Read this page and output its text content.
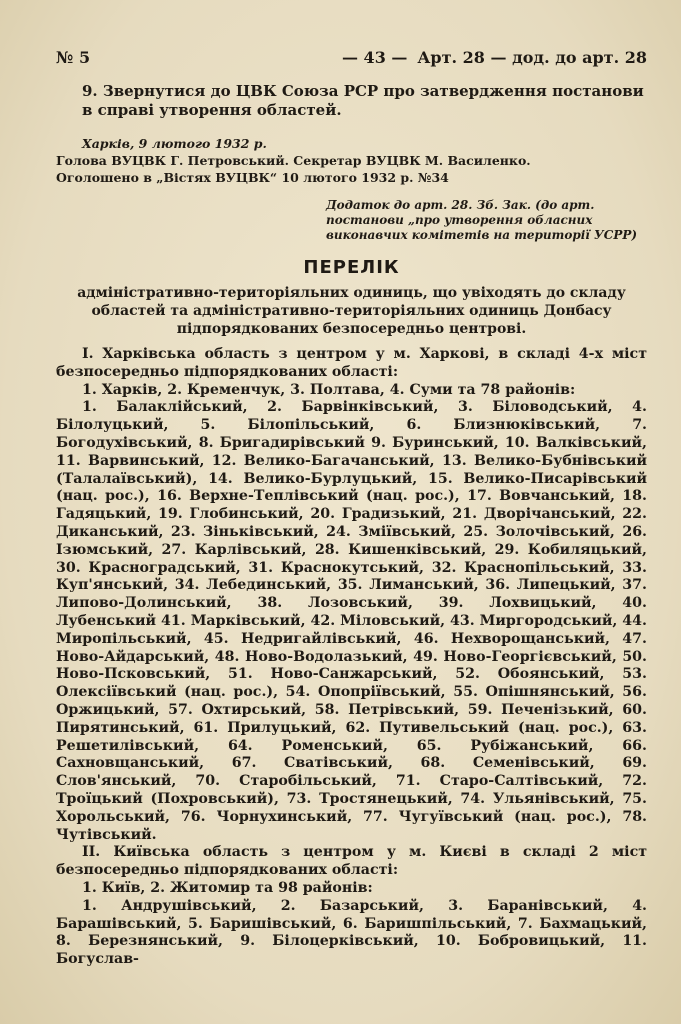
№ 5	— 43 — Арт. 28 — дод. до арт. 28

9. Звернутися до ЦВК Союза РСР про затвердження постанови в справі утворення областей.

Харків, 9 лютого 1932 р.

Голова ВУЦВК Г. Петровський. Секретар ВУЦВК М. Василенко.

Оголошено в „Вістях ВУЦВК“ 10 лютого 1932 р. №34

Додаток до арт. 28. Зб. Зак. (до арт. постанови „про утворення обласних виконавчих комітетів на території УСРР)

ПЕРЕЛІК
адміністративно-територіяльних одиниць, що увіходять до складу областей та адміністративно-територіяльних одиниць Донбасу підпорядкованих безпосередньо центрові.

I. Харківська область з центром у м. Харкові, в складі 4-х міст безпосередньо підпорядкованих області:

1. Харків, 2. Кременчук, 3. Полтава, 4. Суми та 78 районів:

1. Балаклійський, 2. Барвінківський, 3. Біловодський, 4. Білолуцький, 5. Білопільський, 6. Близнюківський, 7. Богодухівський, 8. Бригадирівський 9. Буринський, 10. Валківський, 11. Варвинський, 12. Велико-Багачанський, 13. Велико-Бубнівський (Талалаївський), 14. Велико-Бурлуцький, 15. Велико-Писарівський (нац. рос.), 16. Верхне-Теплівський (нац. рос.), 17. Вовчанський, 18. Гадяцький, 19. Глобинський, 20. Градизький, 21. Дворічанський, 22. Диканський, 23. Зіньківський, 24. Зміївський, 25. Золочівський, 26. Ізюмський, 27. Карлівський, 28. Кишенківський, 29. Кобиляцький, 30. Красноградський, 31. Краснокутський, 32. Краснопільський, 33. Куп'янський, 34. Лебединський, 35. Лиманський, 36. Липецький, 37. Липово-Долинський, 38. Лозовський, 39. Лохвицький, 40. Лубенський 41. Марківський, 42. Міловський, 43. Миргородський, 44. Миропільський, 45. Недригайлівський, 46. Нехворощанський, 47. Ново-Айдарський, 48. Ново-Водолазький, 49. Ново-Георгієвський, 50. Ново-Псковський, 51. Ново-Санжарський, 52. Обоянський, 53. Олексіївський (нац. рос.), 54. Опопріївський, 55. Опішнянський, 56. Оржицький, 57. Охтирський, 58. Петрівський, 59. Печенізький, 60. Пирятинський, 61. Прилуцький, 62. Путивельський (нац. рос.), 63. Решетилівський, 64. Роменський, 65. Рубіжанський, 66. Сахновщанський, 67. Сватівський, 68. Семенівський, 69. Слов'янський, 70. Старобільський, 71. Старо-Салтівський, 72. Троїцький (Похровський), 73. Тростянецький, 74. Ульянівський, 75. Хорольський, 76. Чорнухинський, 77. Чугуївський (нац. рос.), 78. Чутівський.

II. Київська область з центром у м. Києві в складі 2 міст безпосередньо підпорядкованих області:

1. Київ, 2. Житомир та 98 районів:

1. Андрушівський, 2. Базарський, 3. Баранівський, 4. Барашівський, 5. Баришівський, 6. Баришпільський, 7. Бахмацький, 8. Березнянський, 9. Білоцерківський, 10. Бобровицький, 11. Богуслав-
